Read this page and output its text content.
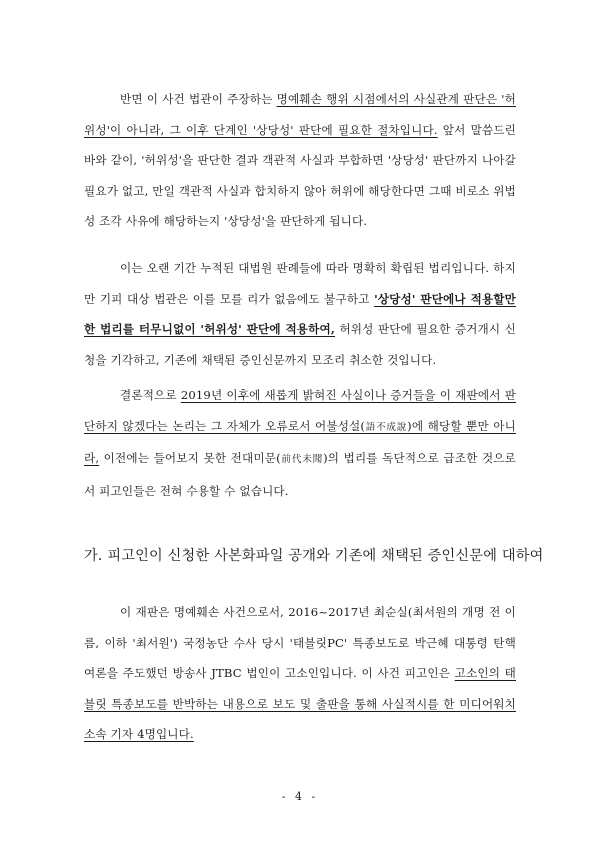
반면 이 사건 법관이 주장하는 명예훼손 행위 시점에서의 사실관계 판단은 '허위성'이 아니라, 그 이후 단계인 '상당성' 판단에 필요한 절차입니다. 앞서 말씀드린 바와 같이, '허위성'을 판단한 결과 객관적 사실과 부합하면 '상당성' 판단까지 나아갈 필요가 없고, 만일 객관적 사실과 합치하지 않아 허위에 해당한다면 그때 비로소 위법성 조각 사유에 해당하는지 '상당성'을 판단하게 됩니다.

이는 오랜 기간 누적된 대법원 판례들에 따라 명확히 확립된 법리입니다. 하지만 기피 대상 법관은 이를 모를 리가 없음에도 불구하고 '상당성' 판단에나 적용할만한 법리를 터무니없이 '허위성' 판단에 적용하여, 허위성 판단에 필요한 증거개시 신청을 기각하고, 기존에 채택된 증인신문까지 모조리 취소한 것입니다.

결론적으로 2019년 이후에 새롭게 밝혀진 사실이나 증거들을 이 재판에서 판단하지 않겠다는 논리는 그 자체가 오류로서 어불성설(語不成說)에 해당할 뿐만 아니라, 이전에는 들어보지 못한 전대미문(前代未聞)의 법리를 독단적으로 급조한 것으로서 피고인들은 전혀 수용할 수 없습니다.

가. 피고인이 신청한 사본화파일 공개와 기존에 채택된 증인신문에 대하여

이 재판은 명예훼손 사건으로서, 2016~2017년 최순실(최서원의 개명 전 이름, 이하 '최서원') 국정농단 수사 당시 '태블릿PC' 특종보도로 박근혜 대통령 탄핵 여론을 주도했던 방송사 JTBC 법인이 고소인입니다. 이 사건 피고인은 고소인의 태블릿 특종보도를 반박하는 내용으로 보도 및 출판을 통해 사실적시를 한 미디어워치 소속 기자 4명입니다.

- 4 -
